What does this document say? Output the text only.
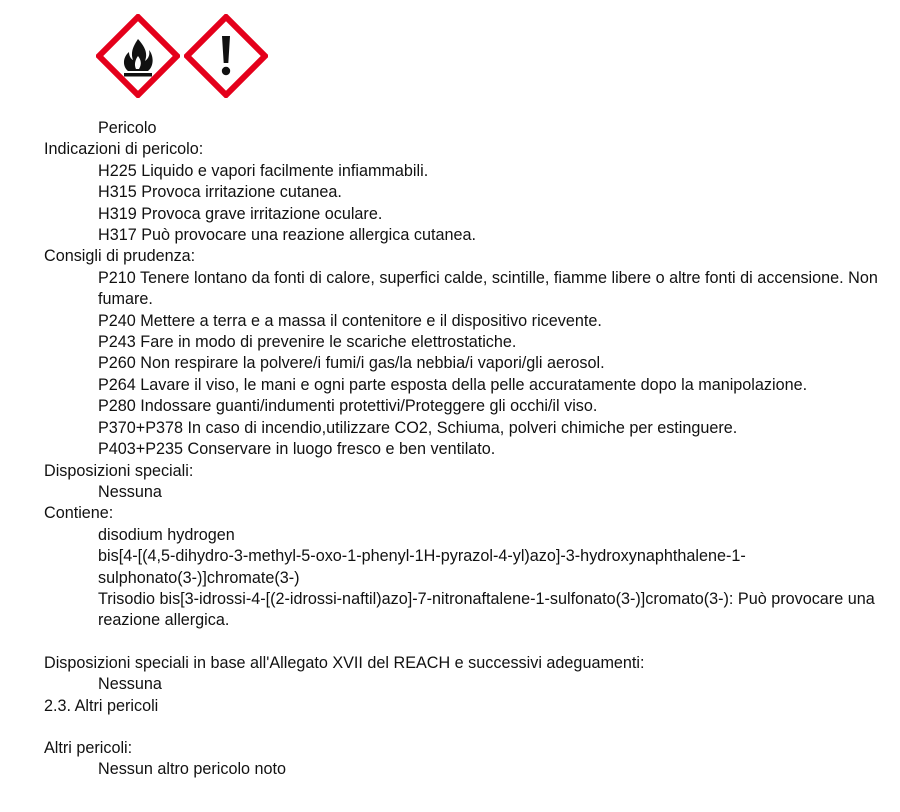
Pericolo
Indicazioni di pericolo:
H225 Liquido e vapori facilmente infiammabili.
H315 Provoca irritazione cutanea.
H319 Provoca grave irritazione oculare.
H317 Può provocare una reazione allergica cutanea.
Consigli di prudenza:
P210 Tenere lontano da fonti di calore, superfici calde, scintille, fiamme libere o altre fonti di accensione. Non fumare.
P240 Mettere a terra e a massa il contenitore e il dispositivo ricevente.
P243 Fare in modo di prevenire le scariche elettrostatiche.
P260 Non respirare la polvere/i fumi/i gas/la nebbia/i vapori/gli aerosol.
P264 Lavare il viso, le mani e ogni parte esposta della pelle accuratamente dopo la manipolazione.
P280 Indossare guanti/indumenti protettivi/Proteggere gli occhi/il viso.
P370+P378 In caso di incendio,utilizzare CO2, Schiuma, polveri chimiche per estinguere.
P403+P235 Conservare in luogo fresco e ben ventilato.
Disposizioni speciali:
Nessuna
Contiene:
disodium hydrogen
bis[4-[(4,5-dihydro-3-methyl-5-oxo-1-phenyl-1H-pyrazol-4-yl)azo]-3-hydroxynaphthalene-1-sulphonato(3-)]chromate(3-)
Trisodio bis[3-idrossi-4-[(2-idrossi-naftil)azo]-7-nitronaftalene-1-sulfonato(3-)]cromato(3-): Può provocare una reazione allergica.
Disposizioni speciali in base all'Allegato XVII del REACH e successivi adeguamenti:
Nessuna
2.3. Altri pericoli
Altri pericoli:
Nessun altro pericolo noto
